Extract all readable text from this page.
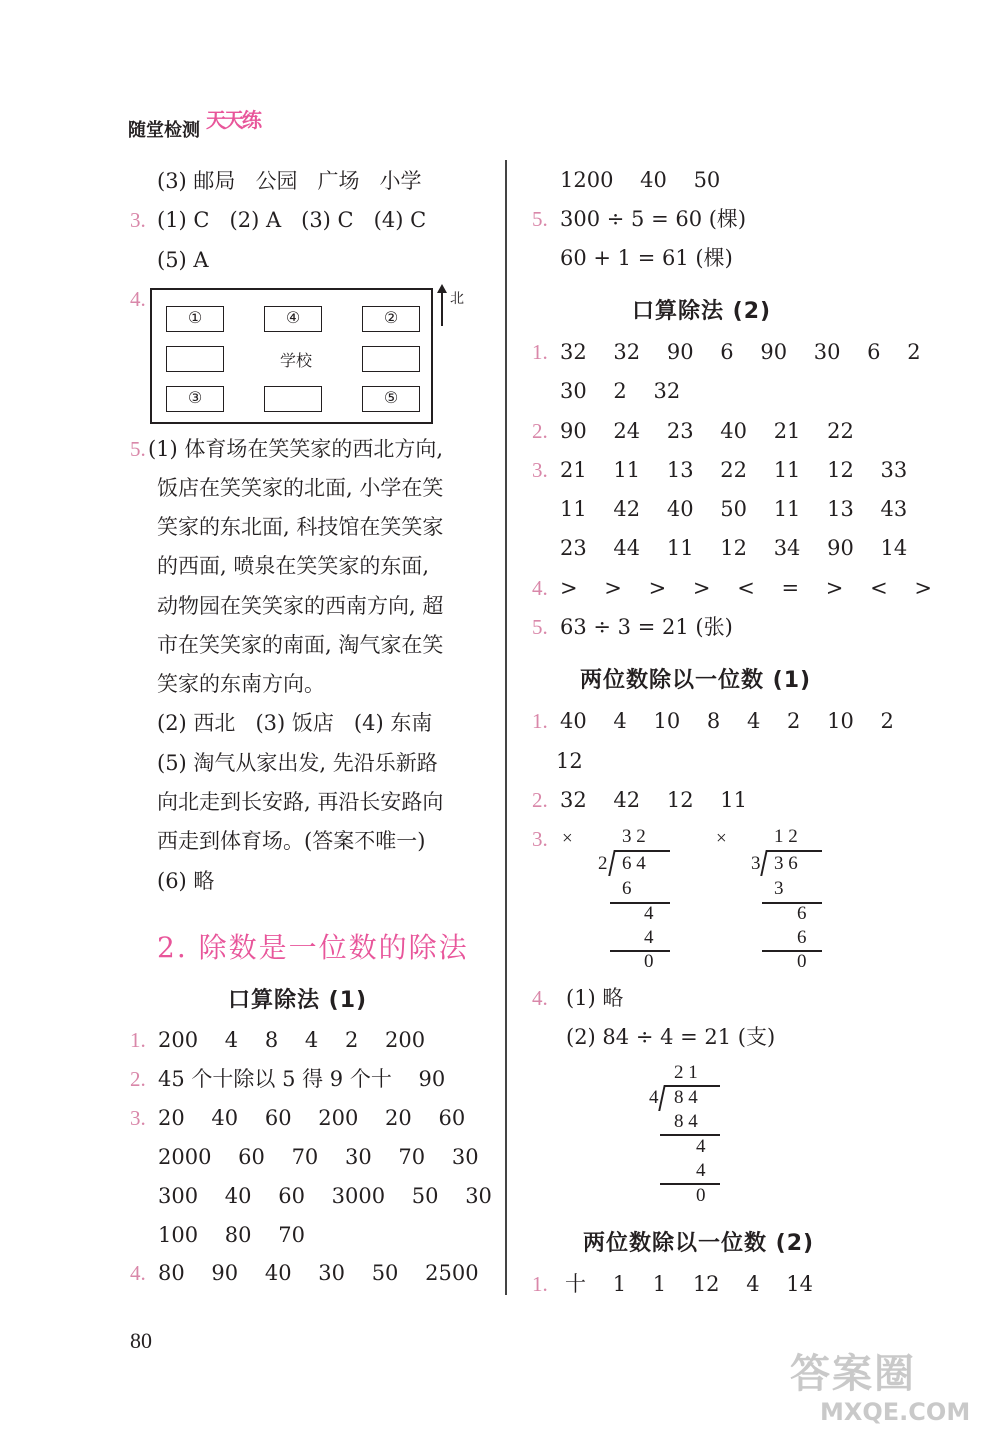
随堂检测 天天练
(3) 邮局   公园   广场   小学
3. (1) C   (2) A   (3) C   (4) C
(5) A
4.
①	④	②
学校
③	⑤
北
5. (1) 体育场在笑笑家的西北方向,
饭店在笑笑家的北面, 小学在笑
笑家的东北面, 科技馆在笑笑家
的西面, 喷泉在笑笑家的东面,
动物园在笑笑家的西南方向, 超
市在笑笑家的南面, 淘气家在笑
笑家的东南方向。
(2) 西北   (3) 饭店   (4) 东南
(5) 淘气从家出发, 先沿乐新路
向北走到长安路, 再沿长安路向
西走到体育场。(答案不唯一)
(6) 略
2. 除数是一位数的除法
口算除法 (1)
1. 200    4    8    4    2    200
2. 45 个十除以 5 得 9 个十    90
3. 20    40    60    200    20    60
2000    60    70    30    70    30
300    40    60    3000    50    30
100    80    70
4. 80    90    40    30    50    2500
1200    40    50
5. 300 ÷ 5 = 60 (棵)
60 + 1 = 61 (棵)
口算除法 (2)
1. 32    32    90    6    90    30    6    2
30    2    32
2. 90    24    23    40    21    22
3. 21    11    13    22    11    12    33
11    42    40    50    11    13    43
23    44    11    12    34    90    14
4. >    >    >    >    <    =    >    <    >
5. 63 ÷ 3 = 21 (张)
两位数除以一位数 (1)
1. 40    4    10    8    4    2    10    2
12
2. 32    42    12    11
3. ×	3 2
2 6 4
6
4
4
0
× 1 2
3 3 6
3
6
6
0
4. (1) 略
(2) 84 ÷ 4 = 21 (支)
2 1
4 8 4
8 4
4
4
0
两位数除以一位数 (2)
1. 十    1    1    12    4    14
80
答案圈
MXQE.COM
